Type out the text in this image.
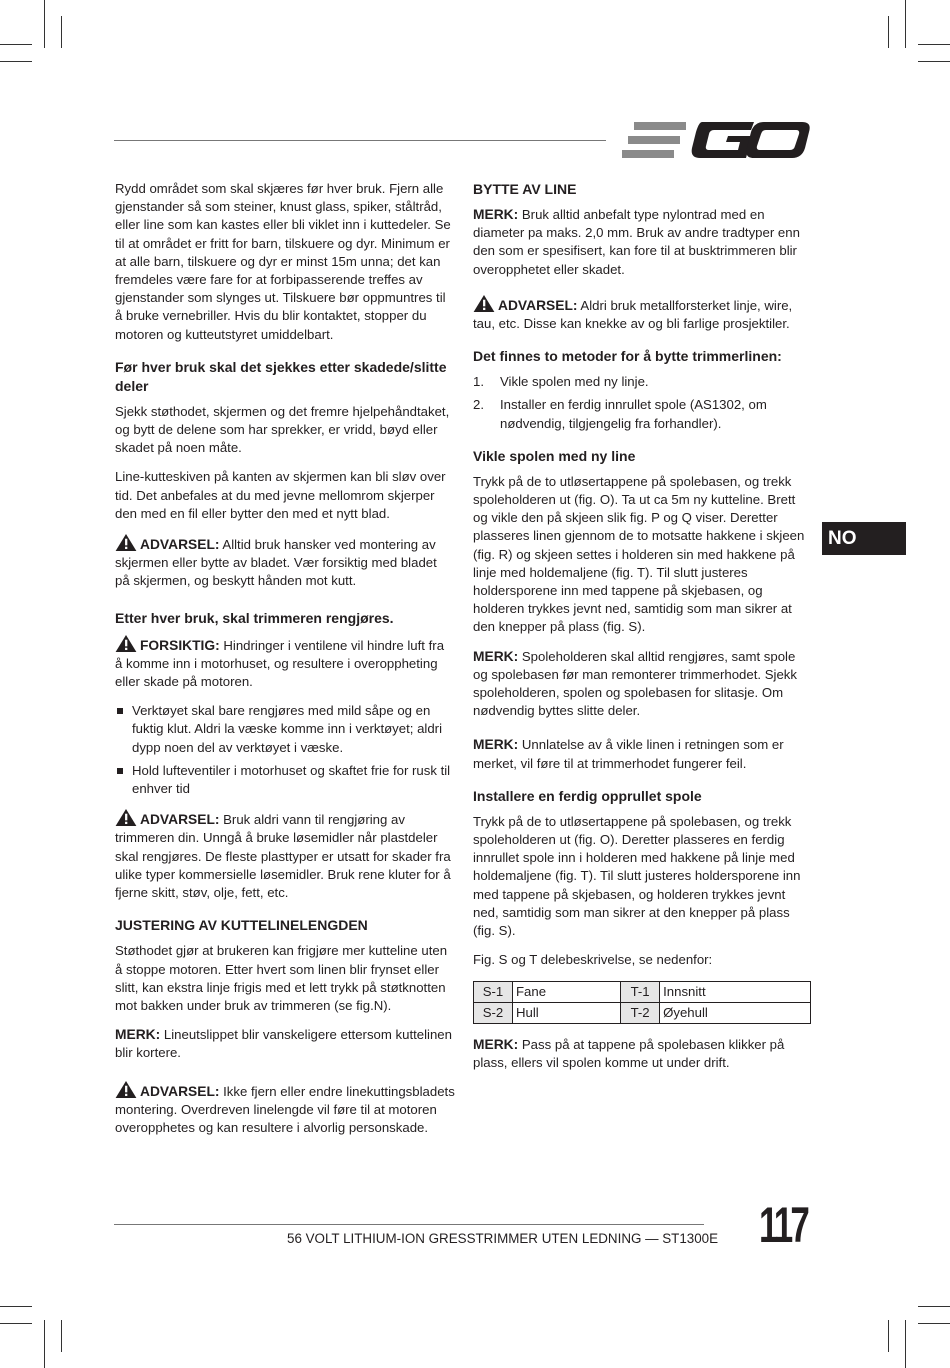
NO

Rydd området som skal skjæres før hver bruk. Fjern alle gjenstander så som steiner, knust glass, spiker, ståltråd, eller line som kan kastes eller bli viklet inn i kuttedeler. Se til at området er fritt for barn, tilskuere og dyr. Minimum er at alle barn, tilskuere og dyr er minst 15m unna; det kan fremdeles være fare for at forbipasserende treffes av gjenstander som slynges ut. Tilskuere bør oppmuntres til å bruke vernebriller. Hvis du blir kontaktet, stopper du motoren og kutteutstyret umiddelbart.

Før hver bruk skal det sjekkes etter skadede/slitte deler

Sjekk støthodet, skjermen og det fremre hjelpehåndtaket, og bytt de delene som har sprekker, er vridd, bøyd eller skadet på noen måte.

Line-kutteskiven på kanten av skjermen kan bli sløv over tid. Det anbefales at du med jevne mellomrom skjerper den med en fil eller bytter den med et nytt blad.

ADVARSEL: Alltid bruk hansker ved montering av skjermen eller bytte av bladet. Vær forsiktig med bladet på skjermen, og beskytt hånden mot kutt.

Etter hver bruk, skal trimmeren rengjøres.

FORSIKTIG: Hindringer i ventilene vil hindre luft fra å komme inn i motorhuset, og resultere i overoppheting eller skade på motoren.

Verktøyet skal bare rengjøres med mild såpe og en fuktig klut. Aldri la væske komme inn i verktøyet; aldri dypp noen del av verktøyet i væske.
Hold lufteventiler i motorhuset og skaftet frie for rusk til enhver tid

ADVARSEL: Bruk aldri vann til rengjøring av trimmeren din. Unngå å bruke løsemidler når plastdeler skal rengjøres. De fleste plasttyper er utsatt for skader fra ulike typer kommersielle løsemidler. Bruk rene kluter for å fjerne skitt, støv, olje, fett, etc.

JUSTERING AV KUTTELINELENGDEN

Støthodet gjør at brukeren kan frigjøre mer kutteline uten å stoppe motoren. Etter hvert som linen blir frynset eller slitt, kan ekstra linje frigis med et lett trykk på støtknotten mot bakken under bruk av trimmeren (se fig.N).

MERK: Lineutslippet blir vanskeligere ettersom kuttelinen blir kortere.

ADVARSEL: Ikke fjern eller endre linekuttingsbladets montering. Overdreven linelengde vil føre til at motoren overopphetes og kan resultere i alvorlig personskade.

BYTTE AV LINE

MERK: Bruk alltid anbefalt type nylontrad med en diameter pa maks. 2,0 mm. Bruk av andre tradtyper enn den som er spesifisert, kan fore til at busktrimmeren blir overopphetet eller skadet.

ADVARSEL: Aldri bruk metallforsterket linje, wire, tau, etc. Disse kan knekke av og bli farlige prosjektiler.

Det finnes to metoder for å bytte trimmerlinen:
1. Vikle spolen med ny linje.
2. Installer en ferdig innrullet spole (AS1302, om nødvendig, tilgjengelig fra forhandler).
Vikle spolen med ny line

Trykk på de to utløsertappene på spolebasen, og trekk spoleholderen ut (fig. O). Ta ut ca 5m ny kutteline. Brett og vikle den på skjeen slik fig. P og Q viser. Deretter plasseres linen gjennom de to motsatte hakkene i skjeen (fig. R) og skjeen settes i holderen sin med hakkene på linje med holdemaljene (fig. T). Til slutt justeres holdersporene inn med tappene på skjebasen, og holderen trykkes jevnt ned, samtidig som man sikrer at den knepper på plass (fig. S).

MERK: Spoleholderen skal alltid rengjøres, samt spole og spolebasen før man remonterer trimmerhodet. Sjekk spoleholderen, spolen og spolebasen for slitasje. Om nødvendig byttes slitte deler.

MERK: Unnlatelse av å vikle linen i retningen som er merket, vil føre til at trimmerhodet fungerer feil.

Installere en ferdig opprullet spole

Trykk på de to utløsertappene på spolebasen, og trekk spoleholderen ut (fig. O). Deretter plasseres en ferdig innrullet spole inn i holderen med hakkene på linje med holdemaljene (fig. T). Til slutt justeres holdersporene inn med tappene på skjebasen, og holderen trykkes jevnt ned, samtidig som man sikrer at den knepper på plass (fig. S).

Fig. S og T delebeskrivelse, se nedenfor:

S-1	Fane	T-1	Innsnitt
S-2	Hull	T-2	Øyehull

MERK: Pass på at tappene på spolebasen klikker på plass, ellers vil spolen komme ut under drift.

56 VOLT LITHIUM-ION GRESSTRIMMER UTEN LEDNING — ST1300E 117
